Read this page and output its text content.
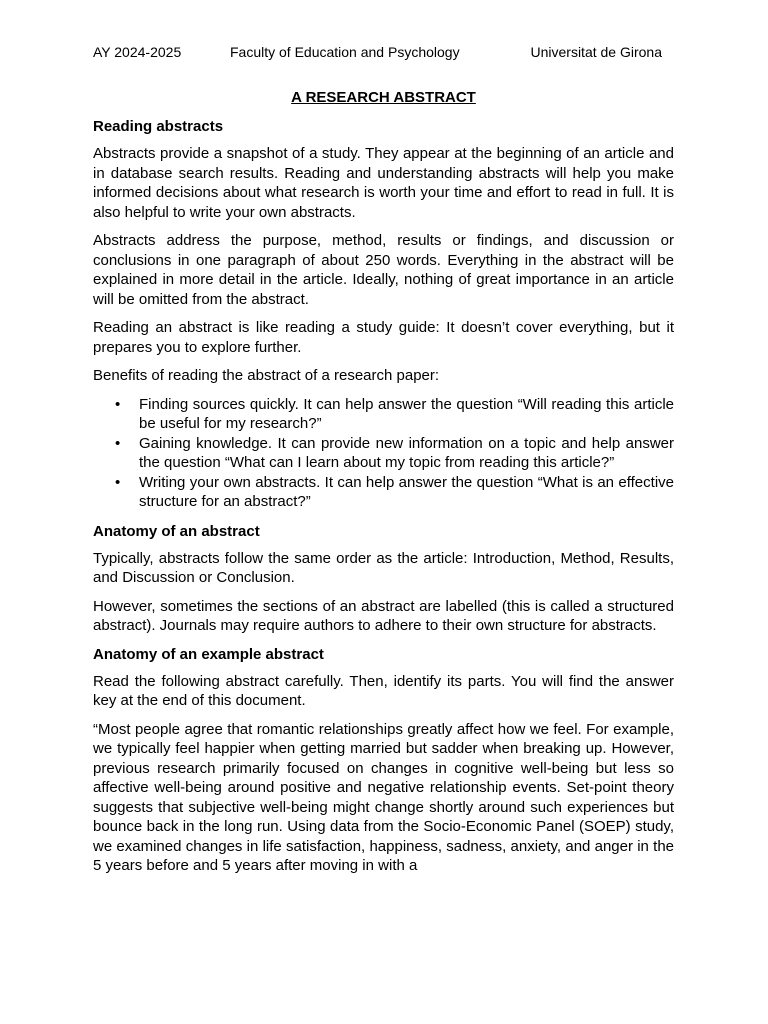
AY 2024-2025	Faculty of Education and Psychology	Universitat de Girona
A RESEARCH ABSTRACT
Reading abstracts

Abstracts provide a snapshot of a study. They appear at the beginning of an article and in database search results. Reading and understanding abstracts will help you make informed decisions about what research is worth your time and effort to read in full. It is also helpful to write your own abstracts.

Abstracts address the purpose, method, results or findings, and discussion or conclusions in one paragraph of about 250 words. Everything in the abstract will be explained in more detail in the article. Ideally, nothing of great importance in an article will be omitted from the abstract.

Reading an abstract is like reading a study guide: It doesn’t cover everything, but it prepares you to explore further.

Benefits of reading the abstract of a research paper:

• Finding sources quickly. It can help answer the question “Will reading this article be useful for my research?”
• Gaining knowledge. It can provide new information on a topic and help answer the question “What can I learn about my topic from reading this article?”
• Writing your own abstracts. It can help answer the question “What is an effective structure for an abstract?”
Anatomy of an abstract

Typically, abstracts follow the same order as the article: Introduction, Method, Results, and Discussion or Conclusion.

However, sometimes the sections of an abstract are labelled (this is called a structured abstract). Journals may require authors to adhere to their own structure for abstracts.

Anatomy of an example abstract

Read the following abstract carefully. Then, identify its parts. You will find the answer key at the end of this document.

“Most people agree that romantic relationships greatly affect how we feel. For example, we typically feel happier when getting married but sadder when breaking up. However, previous research primarily focused on changes in cognitive well-being but less so affective well-being around positive and negative relationship events. Set-point theory suggests that subjective well-being might change shortly around such experiences but bounce back in the long run. Using data from the Socio-Economic Panel (SOEP) study, we examined changes in life satisfaction, happiness, sadness, anxiety, and anger in the 5 years before and 5 years after moving in with a
